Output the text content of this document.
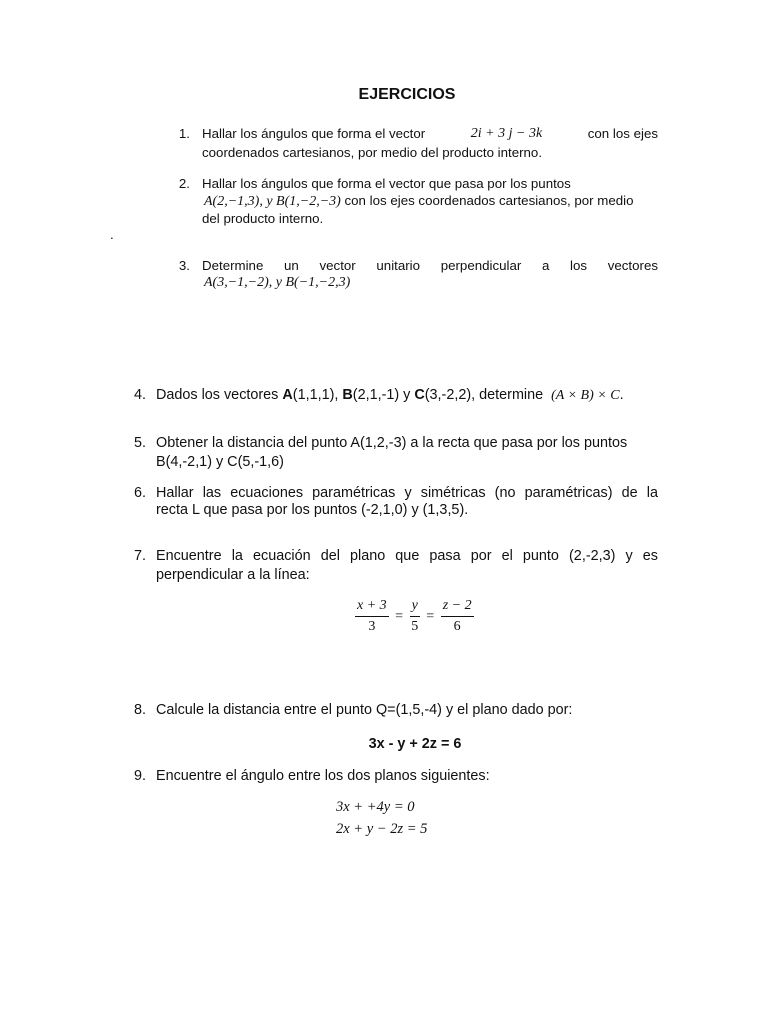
EJERCICIOS
1. Hallar los ángulos que forma el vector	2i + 3 j − 3k	con los ejes
coordenados cartesianos, por medio del producto interno.
2. Hallar los ángulos que forma el vector que pasa por los puntos
A(2,−1,3), y B(1,−2,−3) con los ejes coordenados cartesianos, por medio
del producto interno.
.
3. Determine un vector unitario perpendicular a los vectores
A(3,−1,−2), y B(−1,−2,3)
4. Dados los vectores A(1,1,1), B(2,1,-1) y C(3,-2,2), determine (A × B) × C.
5. Obtener la distancia del punto A(1,2,-3) a la recta que pasa por los puntos
B(4,-2,1) y C(5,-1,6)
6. Hallar las ecuaciones paramétricas y simétricas (no paramétricas) de la
recta L que pasa por los puntos (-2,1,0) y (1,3,5).
7. Encuentre la ecuación del plano que pasa por el punto (2,-2,3) y es
perpendicular a la línea:
$\frac{x + 3}{3} = \frac{y}{5} = \frac{z - 2}{6}$
8. Calcule la distancia entre el punto Q=(1,5,-4) y el plano dado por:
3x - y + 2z = 6
9. Encuentre el ángulo entre los dos planos siguientes:
3x + +4y = 0
2x + y − 2z = 5
